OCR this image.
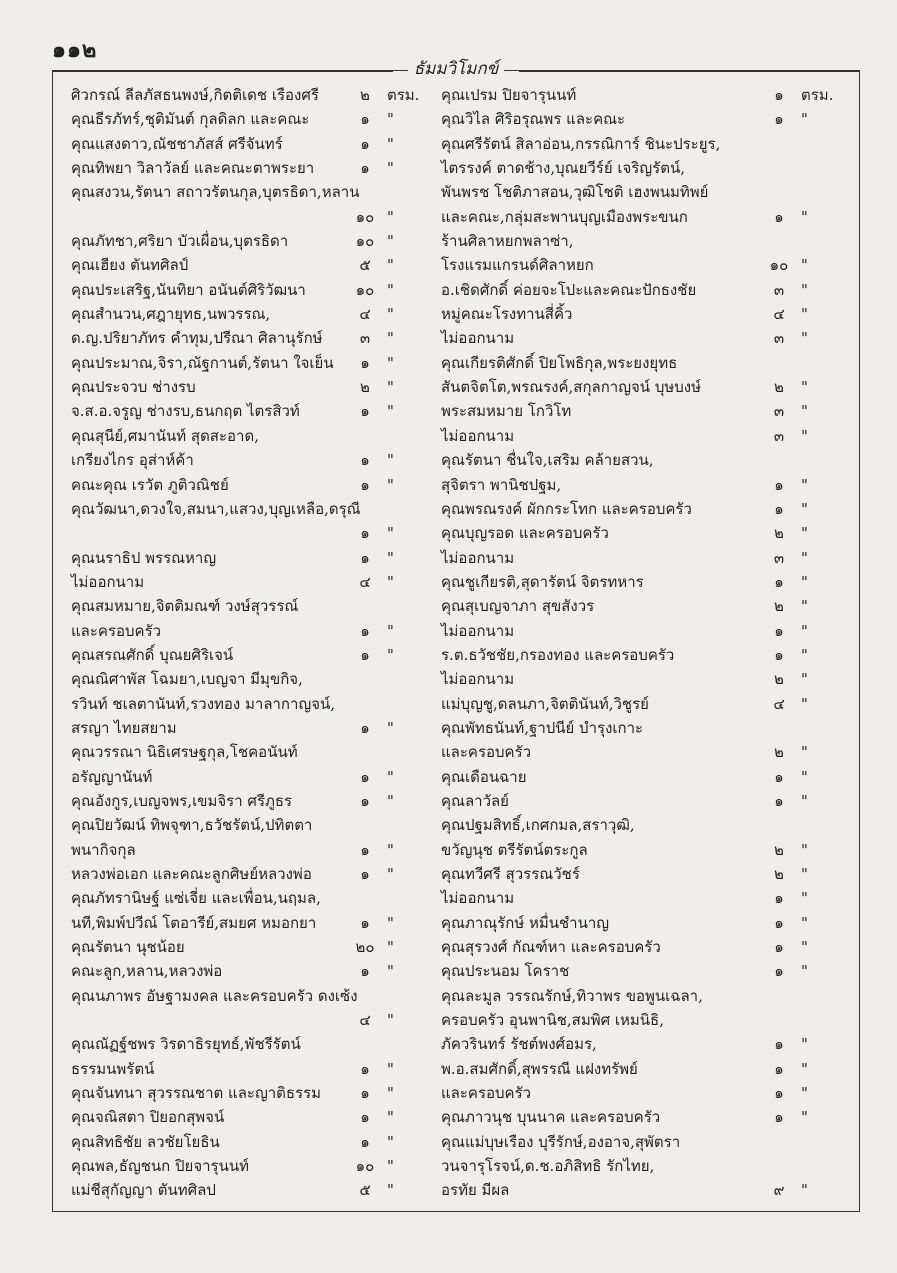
๑๑๒
ธัมมวิโมกข์
ศิวกรณ์ ลีลภัสธนพงษ์,กิตติเดช เรืองศรี	๒	ตรม.
คุณธีรภัทร์,ชุติมันต์ กุลดิลก และคณะ	๑	"
คุณแสงดาว,ณัชชาภัสส์ ศรีจันทร์	๑	"
คุณทิพยา วิลาวัลย์ และคณะตาพระยา	๑	"
คุณสงวน,รัตนา สถาวรัตนกุล,บุตรธิดา,หลาน
๑๐ "
คุณภัทชา,ศริยา บัวเผื่อน,บุตรธิดา	๑๐ "
คุณเฮียง ตันทศิลป์	๕	"
คุณประเสริฐ,นันทิยา อนันต์ศิริวัฒนา	๑๐ "
คุณสำนวน,ศฎายุทธ,นพวรรณ,	๔	"
ด.ญ.ปริยาภัทร คำทุม,ปรีณา ศิลานุรักษ์	๓	"
คุณประมาณ,จิรา,ณัฐกานต์,รัตนา ใจเย็น	๑	"
คุณประจวบ ช่างรบ	๒	"
จ.ส.อ.จรูญ ช่างรบ,ธนกฤต ไตรสิวท์	๑	"
คุณสุนีย์,ศมานันท์ สุดสะอาด,
เกรียงไกร อุส่าห์ค้า	๑	"
คณะคุณ เรวัต ภูติวณิชย์	๑	"
คุณวัฒนา,ดวงใจ,สมนา,แสวง,บุญเหลือ,ดรุณี
๑	"
คุณนราธิป พรรณหาญ	๑	"
ไม่ออกนาม	๔	"
คุณสมหมาย,จิตติมณฑ์ วงษ์สุวรรณ์
และครอบครัว	๑	"
คุณสรณศักดิ์ บุณยศิริเจน์	๑	"
คุณณิศาพัส โฉมยา,เบญจา มีมุขกิจ,
รวินท์ ชเลตานันท์,รวงทอง มาลากาญจน์,
สรญา ไทยสยาม	๑	"
คุณวรรณา นิธิเศรษฐกุล,โชคอนันท์
อรัญญานันท์	๑	"
คุณอังกูร,เบญจพร,เขมจิรา ศรีภูธร	๑	"
คุณปิยวัฒน์ ทิพจุฑา,ธวัชรัตน์,ปทิตตา
พนากิจกุล	๑	"
หลวงพ่อเอก และคณะลูกศิษย์หลวงพ่อ	๑	"
คุณภัทรานิษฐ์ แซ่เจี่ย และเพื่อน,นฤมล,
นที,พิมพ์ปวีณ์ โตอารีย์,สมยศ หมอกยา	๑	"
คุณรัตนา นุชน้อย	๒๐ "
คณะลูก,หลาน,หลวงพ่อ	๑	"
คุณนภาพร อัษฐามงคล และครอบครัว ดงเซ้ง
๔	"
คุณณัฏฐ์ชพร วิรดาธิรยุทธ์,พัชรีรัตน์
ธรรมนพรัตน์	๑	"
คุณจันทนา สุวรรณชาต และญาติธรรม	๑	"
คุณจณิสตา ปิยอกสุพจน์	๑	"
คุณสิทธิชัย ลวชัยโยธิน	๑	"
คุณพล,ธัญชนก ปิยจารุนนท์	๑๐ "
แม่ชีสุกัญญา ตันทศิลป	๕	"
คุณเปรม ปิยจารุนนท์	๑	ตรม.
คุณวิไล ศิริอรุณพร และคณะ	๑	"
คุณศรีรัตน์ สิลาอ่อน,กรรณิการ์ ชินะประยูร,
ไตรรงค์ ตาดช้าง,บุณยวีร์ย์ เจริญรัตน์,
พันพรช โชติภาสอน,วุฒิโชติ เฮงพนมทิพย์
และคณะ,กลุ่มสะพานบุญเมืองพระขนก	๑	"
ร้านศิลาหยกพลาซ่า,
โรงแรมแกรนด์ศิลาหยก	๑๐ "
อ.เชิดศักดิ์ ค่อยจะโปะและคณะปักธงชัย	๓	"
หมู่คณะโรงทานสี่คิ้ว	๔	"
ไม่ออกนาม	๓	"
คุณเกียรติศักดิ์ ปิยโพธิกุล,พระยงยุทธ
สันตจิตโต,พรณรงค์,สกุลกาญจน์ บุษบงษ์	๒	"
พระสมหมาย โกวิโท	๓	"
ไม่ออกนาม	๓	"
คุณรัตนา ชื่นใจ,เสริม คล้ายสวน,
สุจิตรา พานิชปฐม,	๑	"
คุณพรณรงค์ ผักกระโทก และครอบครัว	๑	"
คุณบุญรอด และครอบครัว	๒	"
ไม่ออกนาม	๓	"
คุณชูเกียรติ,สุดารัตน์ จิตรทหาร	๑	"
คุณสุเบญจาภา สุขสังวร	๒	"
ไม่ออกนาม	๑	"
ร.ต.ธวัชชัย,กรองทอง และครอบครัว	๑	"
ไม่ออกนาม	๒	"
แม่บุญชู,ดลนภา,จิตตินันท์,วิชูรย์	๔	"
คุณพัทธนันท์,ฐาปนีย์ บำรุงเกาะ
และครอบครัว	๒	"
คุณเดือนฉาย	๑	"
คุณลาวัลย์	๑	"
คุณปฐมสิทธิ์,เกศกมล,สราวุฒิ,
ขวัญนุช ตรีรัตน์ตระกูล	๒	"
คุณทวีศรี สุวรรณวัชร์	๒	"
ไม่ออกนาม	๑	"
คุณภาณุรักษ์ หมื่นชำนาญ	๑	"
คุณสุรวงศ์ กัณฑ์หา และครอบครัว	๑	"
คุณประนอม โคราช	๑	"
คุณละมูล วรรณรักษ์,ทิวาพร ขอพูนเฉลา,
ครอบครัว อุนพานิช,สมพิศ เหมนิธิ,
ภัควรินทร์ รัชต์พงศ์อมร,	๑	"
พ.อ.สมศักดิ์,สุพรรณี แฝงทรัพย์	๑	"
และครอบครัว	๑	"
คุณภาวนุช บุนนาค และครอบครัว	๑	"
คุณแม่บุษเรือง บุรีรักษ์,องอาจ,สุพัตรา
วนจารุโรจน์,ด.ช.อภิสิทธิ รักไทย,
อรทัย มีผล	๙	"
